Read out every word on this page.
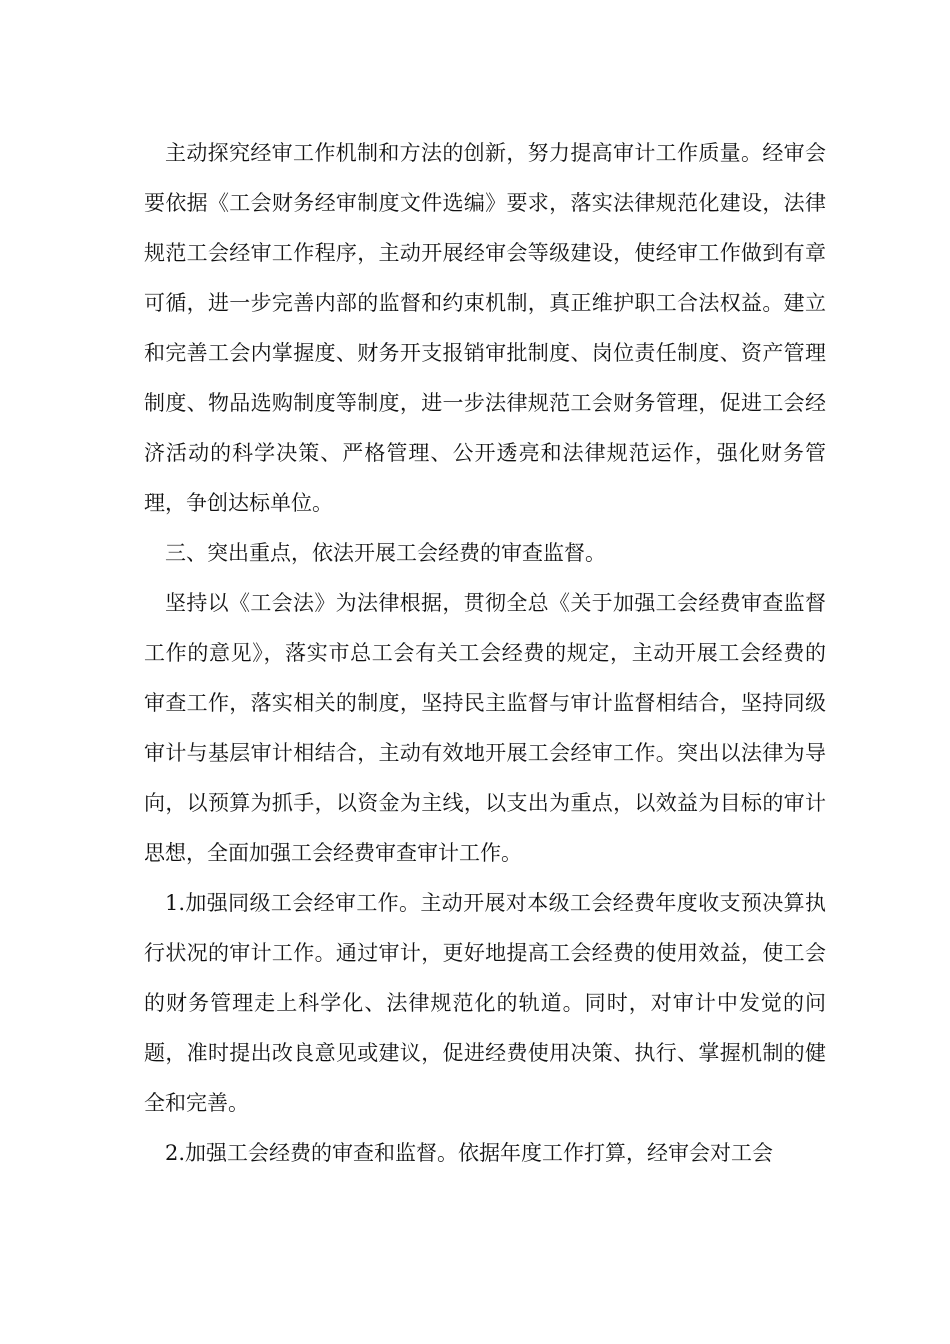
主动探究经审工作机制和方法的创新，努力提高审计工作质量。经审会要依据《工会财务经审制度文件选编》要求，落实法律规范化建设，法律规范工会经审工作程序，主动开展经审会等级建设，使经审工作做到有章可循，进一步完善内部的监督和约束机制，真正维护职工合法权益。建立和完善工会内掌握度、财务开支报销审批制度、岗位责任制度、资产管理制度、物品选购制度等制度，进一步法律规范工会财务管理，促进工会经济活动的科学决策、严格管理、公开透亮和法律规范运作，强化财务管理，争创达标单位。

三、突出重点，依法开展工会经费的审查监督。

坚持以《工会法》为法律根据，贯彻全总《关于加强工会经费审查监督工作的意见》，落实市总工会有关工会经费的规定，主动开展工会经费的审查工作，落实相关的制度，坚持民主监督与审计监督相结合，坚持同级审计与基层审计相结合，主动有效地开展工会经审工作。突出以法律为导向，以预算为抓手，以资金为主线，以支出为重点，以效益为目标的审计思想，全面加强工会经费审查审计工作。

1.加强同级工会经审工作。主动开展对本级工会经费年度收支预决算执行状况的审计工作。通过审计，更好地提高工会经费的使用效益，使工会的财务管理走上科学化、法律规范化的轨道。同时，对审计中发觉的问题，准时提出改良意见或建议，促进经费使用决策、执行、掌握机制的健全和完善。

2.加强工会经费的审查和监督。依据年度工作打算，经审会对工会
